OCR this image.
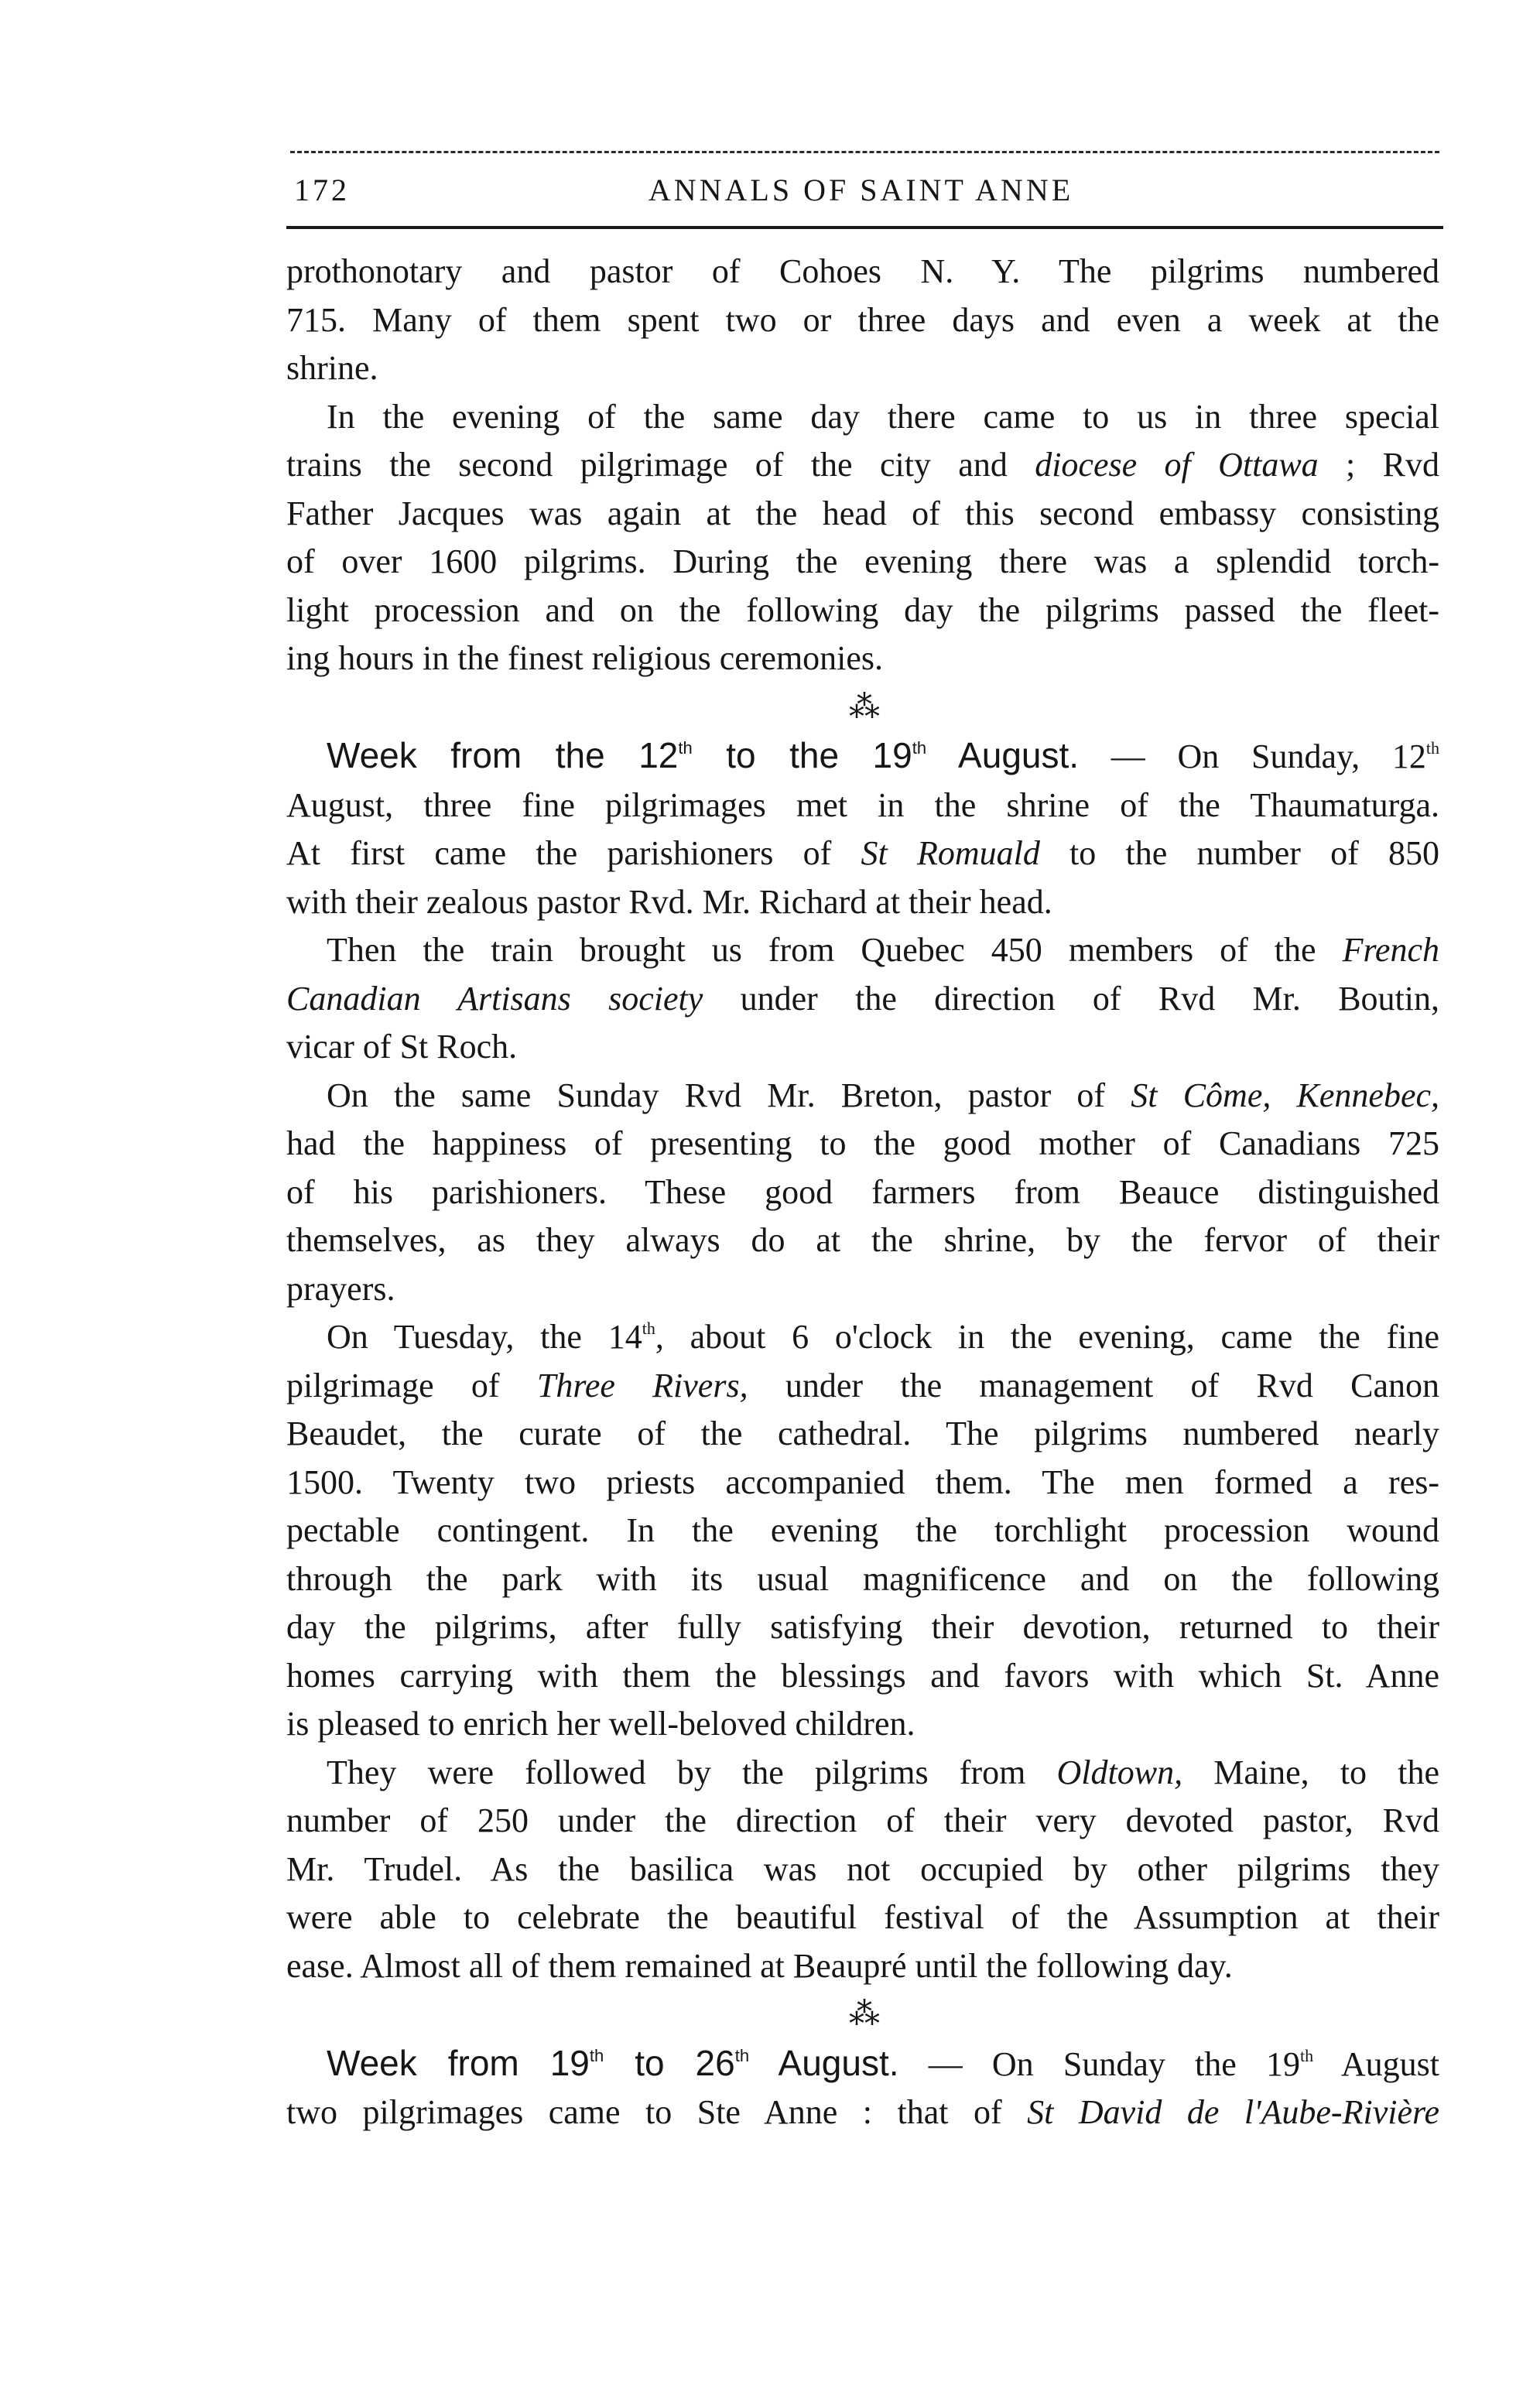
172	ANNALS OF SAINT ANNE
prothonotary and pastor of Cohoes N. Y. The pilgrims numbered
715. Many of them spent two or three days and even a week at the
shrine.
In the evening of the same day there came to us in three special
trains the second pilgrimage of the city and diocese of Ottawa ; Rvd
Father Jacques was again at the head of this second embassy consisting
of over 1600 pilgrims. During the evening there was a splendid torch-
light procession and on the following day the pilgrims passed the fleet-
ing hours in the finest religious ceremonies.
⁂
Week from the 12th to the 19th August. — On Sunday, 12th
August, three fine pilgrimages met in the shrine of the Thaumaturga.
At first came the parishioners of St Romuald to the number of 850
with their zealous pastor Rvd. Mr. Richard at their head.
Then the train brought us from Quebec 450 members of the French
Canadian Artisans society under the direction of Rvd Mr. Boutin,
vicar of St Roch.
On the same Sunday Rvd Mr. Breton, pastor of St Côme, Kennebec,
had the happiness of presenting to the good mother of Canadians 725
of his parishioners. These good farmers from Beauce distinguished
themselves, as they always do at the shrine, by the fervor of their
prayers.
On Tuesday, the 14th, about 6 o'clock in the evening, came the fine
pilgrimage of Three Rivers, under the management of Rvd Canon
Beaudet, the curate of the cathedral. The pilgrims numbered nearly
1500. Twenty two priests accompanied them. The men formed a res-
pectable contingent. In the evening the torchlight procession wound
through the park with its usual magnificence and on the following
day the pilgrims, after fully satisfying their devotion, returned to their
homes carrying with them the blessings and favors with which St. Anne
is pleased to enrich her well-beloved children.
They were followed by the pilgrims from Oldtown, Maine, to the
number of 250 under the direction of their very devoted pastor, Rvd
Mr. Trudel. As the basilica was not occupied by other pilgrims they
were able to celebrate the beautiful festival of the Assumption at their
ease. Almost all of them remained at Beaupré until the following day.
⁂
Week from 19th to 26th August. — On Sunday the 19th August
two pilgrimages came to Ste Anne : that of St David de l'Aube-Rivière
